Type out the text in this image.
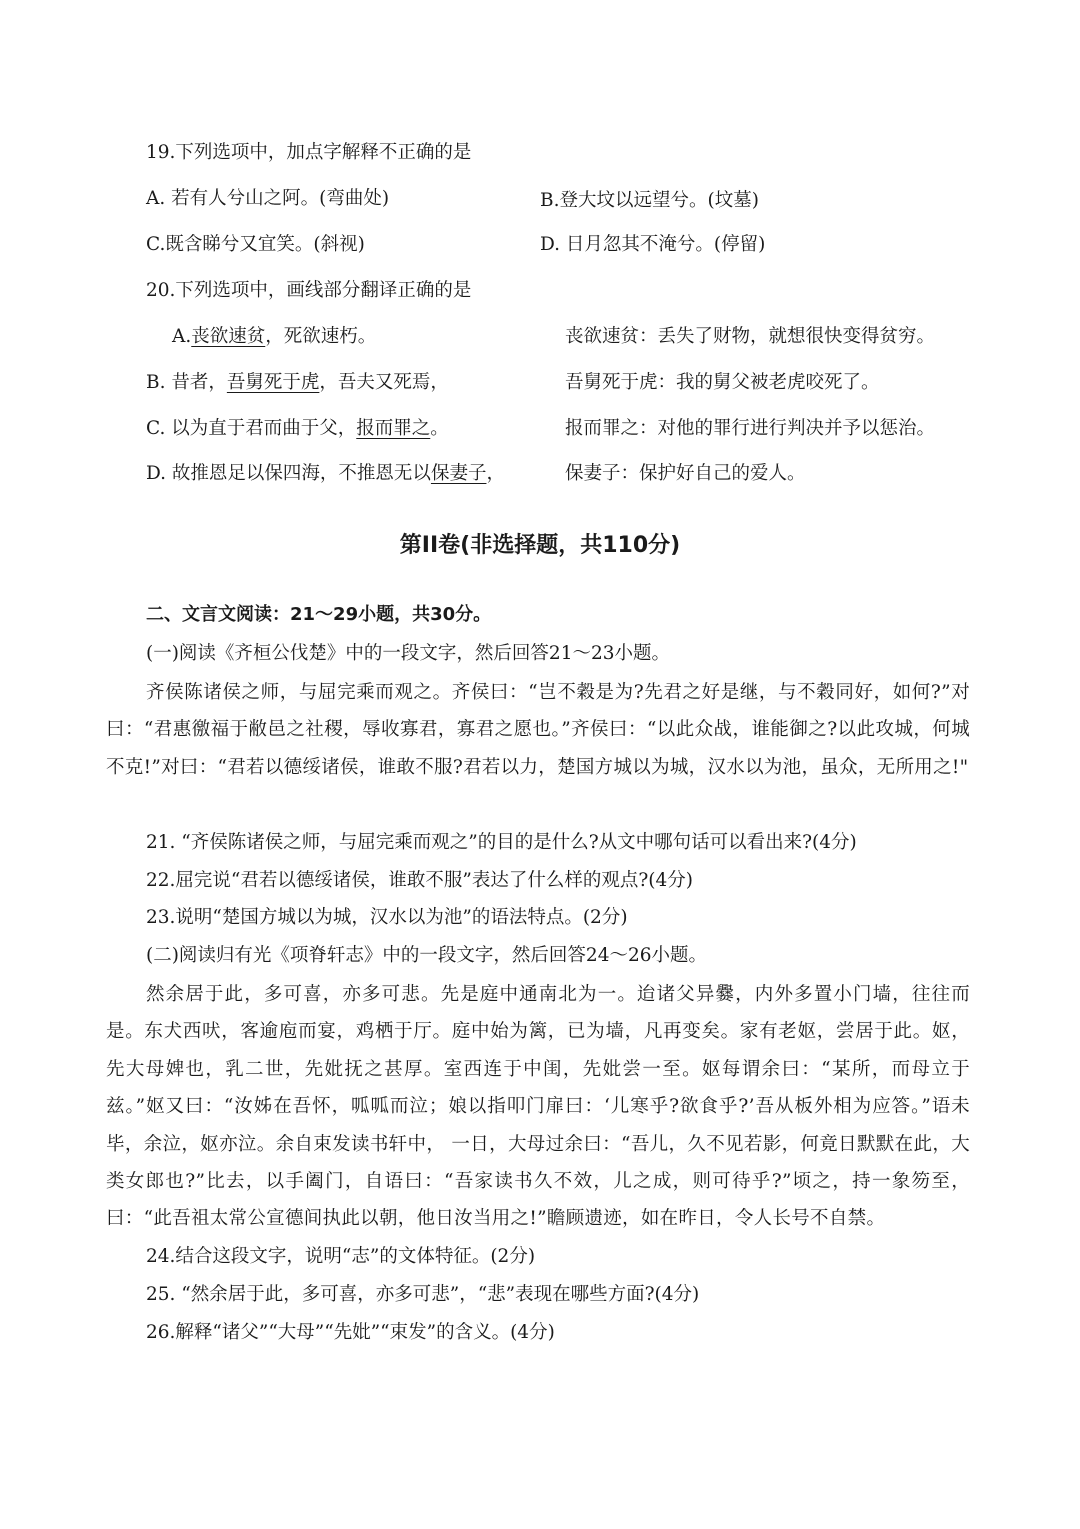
19.下列选项中，加点字解释不正确的是
A. 若有人兮山之阿。(弯曲处)	B.登大坟以远望兮。(坟墓)
C.既含睇兮又宜笑。(斜视)	D. 日月忽其不淹兮。(停留)
20.下列选项中，画线部分翻译正确的是
A.丧欲速贫，死欲速朽。	丧欲速贫：丢失了财物，就想很快变得贫穷。
B. 昔者，吾舅死于虎，吾夫又死焉，	吾舅死于虎：我的舅父被老虎咬死了。
C. 以为直于君而曲于父，报而罪之。	报而罪之：对他的罪行进行判决并予以惩治。
D. 故推恩足以保四海，不推恩无以保妻子，	保妻子：保护好自己的爱人。
第II卷(非选择题，共110分)
二、文言文阅读：21～29小题，共30分。
(一)阅读《齐桓公伐楚》中的一段文字，然后回答21～23小题。
齐侯陈诸侯之师，与屈完乘而观之。齐侯曰：“岂不穀是为?先君之好是继，与不穀同好，如何?”对曰：“君惠徼福于敝邑之社稷，辱收寡君，寡君之愿也。”齐侯曰：“以此众战，谁能御之?以此攻城，何城不克!”对曰：“君若以德绥诸侯，谁敢不服?君若以力，楚国方城以为城，汉水以为池，虽众，无所用之!"
21. “齐侯陈诸侯之师，与屈完乘而观之”的目的是什么?从文中哪句话可以看出来?(4分)
22.屈完说“君若以德绥诸侯，谁敢不服”表达了什么样的观点?(4分)
23.说明“楚国方城以为城，汉水以为池”的语法特点。(2分)
(二)阅读归有光《项脊轩志》中的一段文字，然后回答24～26小题。
然余居于此，多可喜，亦多可悲。先是庭中通南北为一。迨诸父异爨，内外多置小门墙，往往而是。东犬西吠，客逾庖而宴，鸡栖于厅。庭中始为篱，已为墙，凡再变矣。家有老妪，尝居于此。妪，先大母婢也，乳二世，先妣抚之甚厚。室西连于中闺，先妣尝一至。妪每谓余曰：“某所，而母立于兹。”妪又曰：“汝姊在吾怀，呱呱而泣；娘以指叩门扉曰：‘儿寒乎?欲食乎?’吾从板外相为应答。”语未毕，余泣，妪亦泣。余自束发读书轩中， 一日，大母过余曰：“吾儿，久不见若影，何竟日默默在此，大类女郎也?”比去，以手阖门，自语曰：“吾家读书久不效，儿之成，则可待乎?”顷之，持一象笏至，曰：“此吾祖太常公宣德间执此以朝，他日汝当用之!”瞻顾遗迹，如在昨日，令人长号不自禁。
24.结合这段文字，说明“志”的文体特征。(2分)
25. “然余居于此，多可喜，亦多可悲”，“悲”表现在哪些方面?(4分)
26.解释“诸父”“大母”“先妣”“束发”的含义。(4分)
